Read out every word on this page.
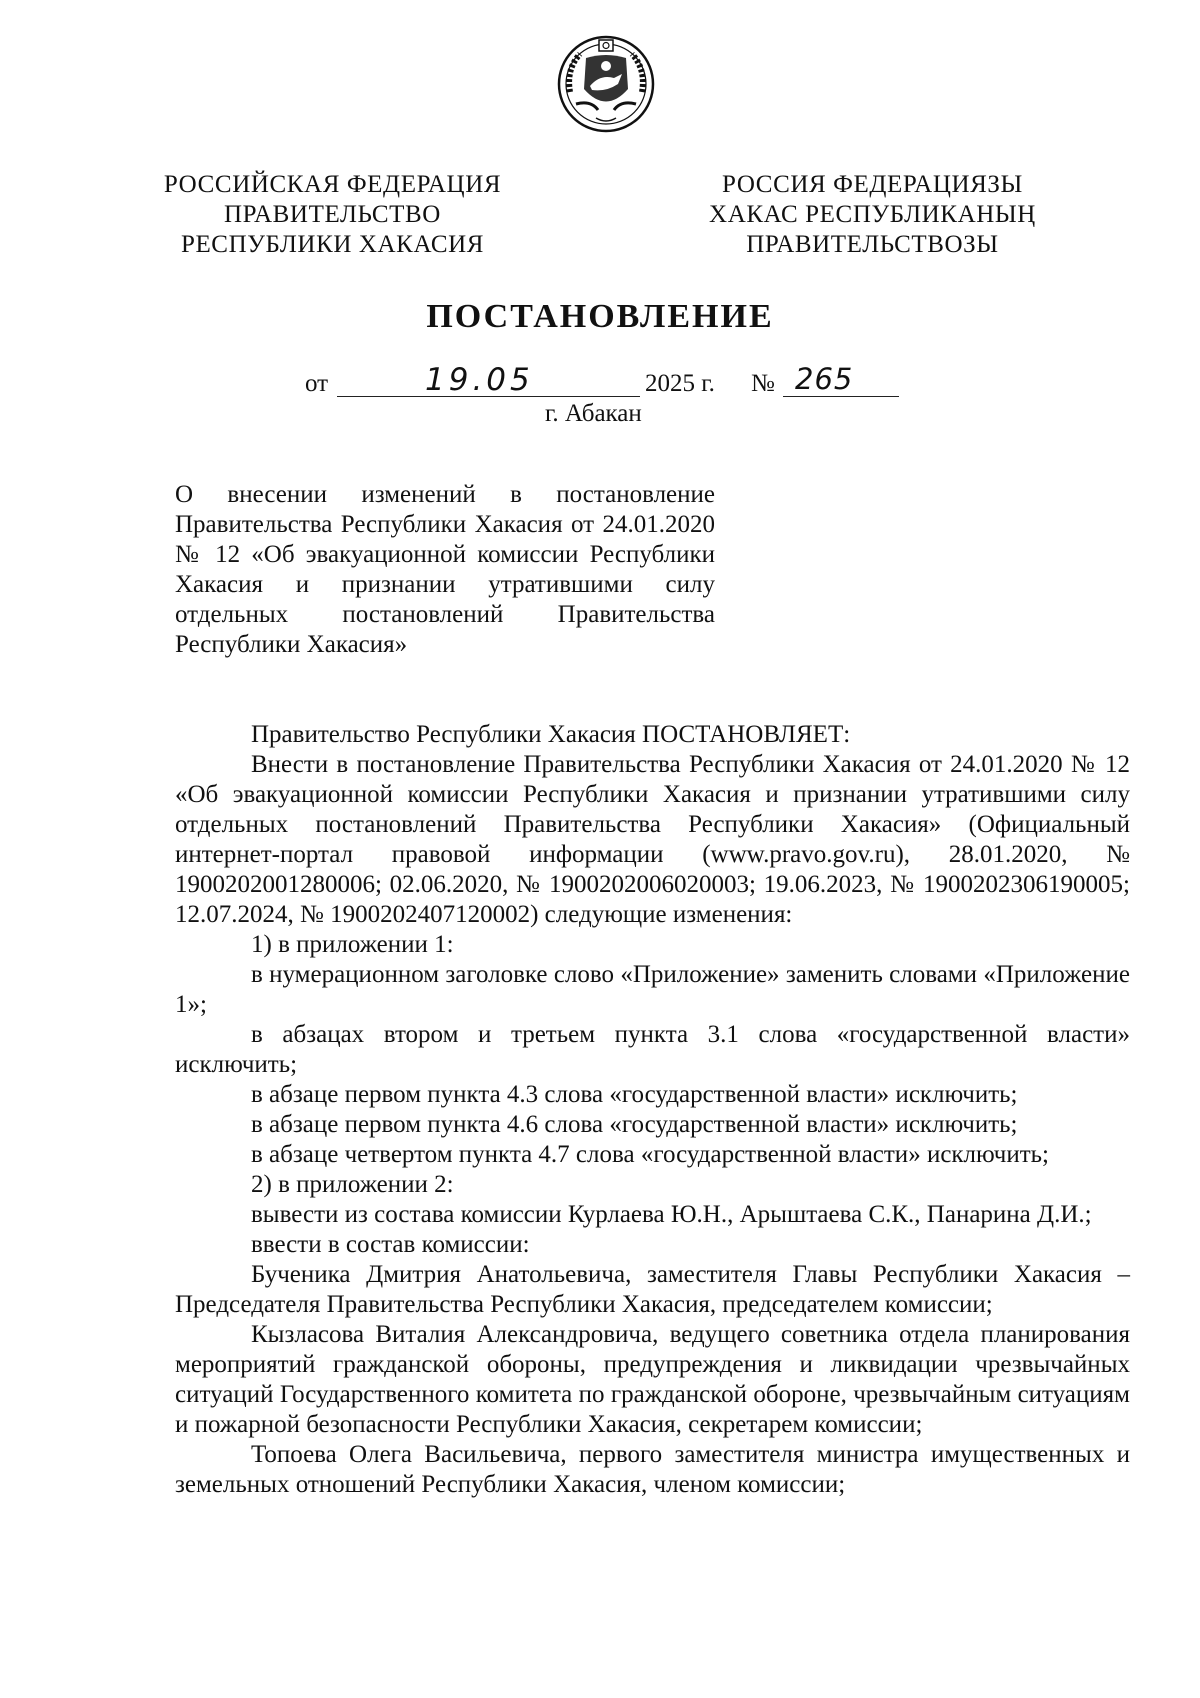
РОССИЙСКАЯ ФЕДЕРАЦИЯ
ПРАВИТЕЛЬСТВО
РЕСПУБЛИКИ ХАКАСИЯ
РОССИЯ ФЕДЕРАЦИЯЗЫ
ХАКАС РЕСПУБЛИКАНЫҢ
ПРАВИТЕЛЬСТВОЗЫ
ПОСТАНОВЛЕНИЕ
от	19.05	2025 г. № 265
г. Абакан
О внесении изменений в постановление Правительства Республики Хакасия от 24.01.2020 № 12 «Об эвакуационной комиссии Республики Хакасия и признании утратившими силу отдельных постановлений Правительства Республики Хакасия»

Правительство Республики Хакасия ПОСТАНОВЛЯЕТ:

Внести в постановление Правительства Республики Хакасия от 24.01.2020 № 12 «Об эвакуационной комиссии Республики Хакасия и признании утратившими силу отдельных постановлений Правительства Республики Хакасия» (Официальный интернет-портал правовой информации (www.pravo.gov.ru), 28.01.2020, № 1900202001280006; 02.06.2020, № 1900202006020003; 19.06.2023, № 1900202306190005; 12.07.2024, № 1900202407120002) следующие изменения:

1) в приложении 1:

в нумерационном заголовке слово «Приложение» заменить словами «Приложение 1»;

в абзацах втором и третьем пункта 3.1 слова «государственной власти» исключить;

в абзаце первом пункта 4.3 слова «государственной власти» исключить;

в абзаце первом пункта 4.6 слова «государственной власти» исключить;

в абзаце четвертом пункта 4.7 слова «государственной власти» исключить;

2) в приложении 2:

вывести из состава комиссии Курлаева Ю.Н., Арыштаева С.К., Панарина Д.И.;

ввести в состав комиссии:

Бученика Дмитрия Анатольевича, заместителя Главы Республики Хакасия – Председателя Правительства Республики Хакасия, председателем комиссии;

Кызласова Виталия Александровича, ведущего советника отдела планирования мероприятий гражданской обороны, предупреждения и ликвидации чрезвычайных ситуаций Государственного комитета по гражданской обороне, чрезвычайным ситуациям и пожарной безопасности Республики Хакасия, секретарем комиссии;

Топоева Олега Васильевича, первого заместителя министра имущественных и земельных отношений Республики Хакасия, членом комиссии;
